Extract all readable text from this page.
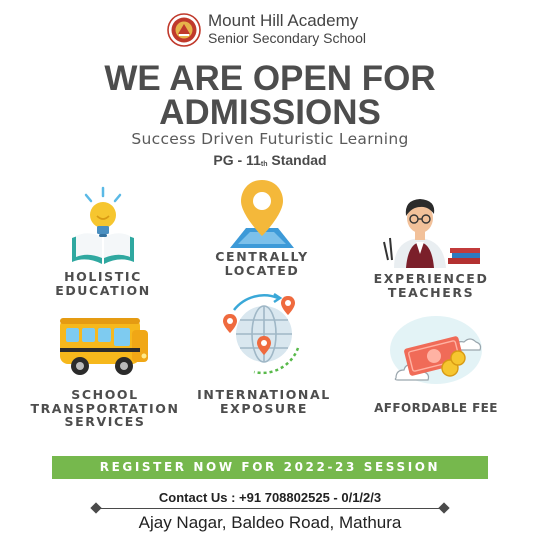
Mount Hill Academy
Senior Secondary School
WE ARE OPEN FOR
ADMISSIONS
Success Driven Futuristic Learning
PG - $11_{th}$ Standad
HOLISTIC
EDUCATION
CENTRALLY
LOCATED
EXPERIENCED
TEACHERS
SCHOOL
TRANSPORTATION
SERVICES
INTERNATIONAL
EXPOSURE	AFFORDABLE FEE
REGISTER NOW FOR 2022-23 SESSION
Contact Us : +91 708802525 - 0/1/2/3
Ajay Nagar, Baldeo Road, Mathura
